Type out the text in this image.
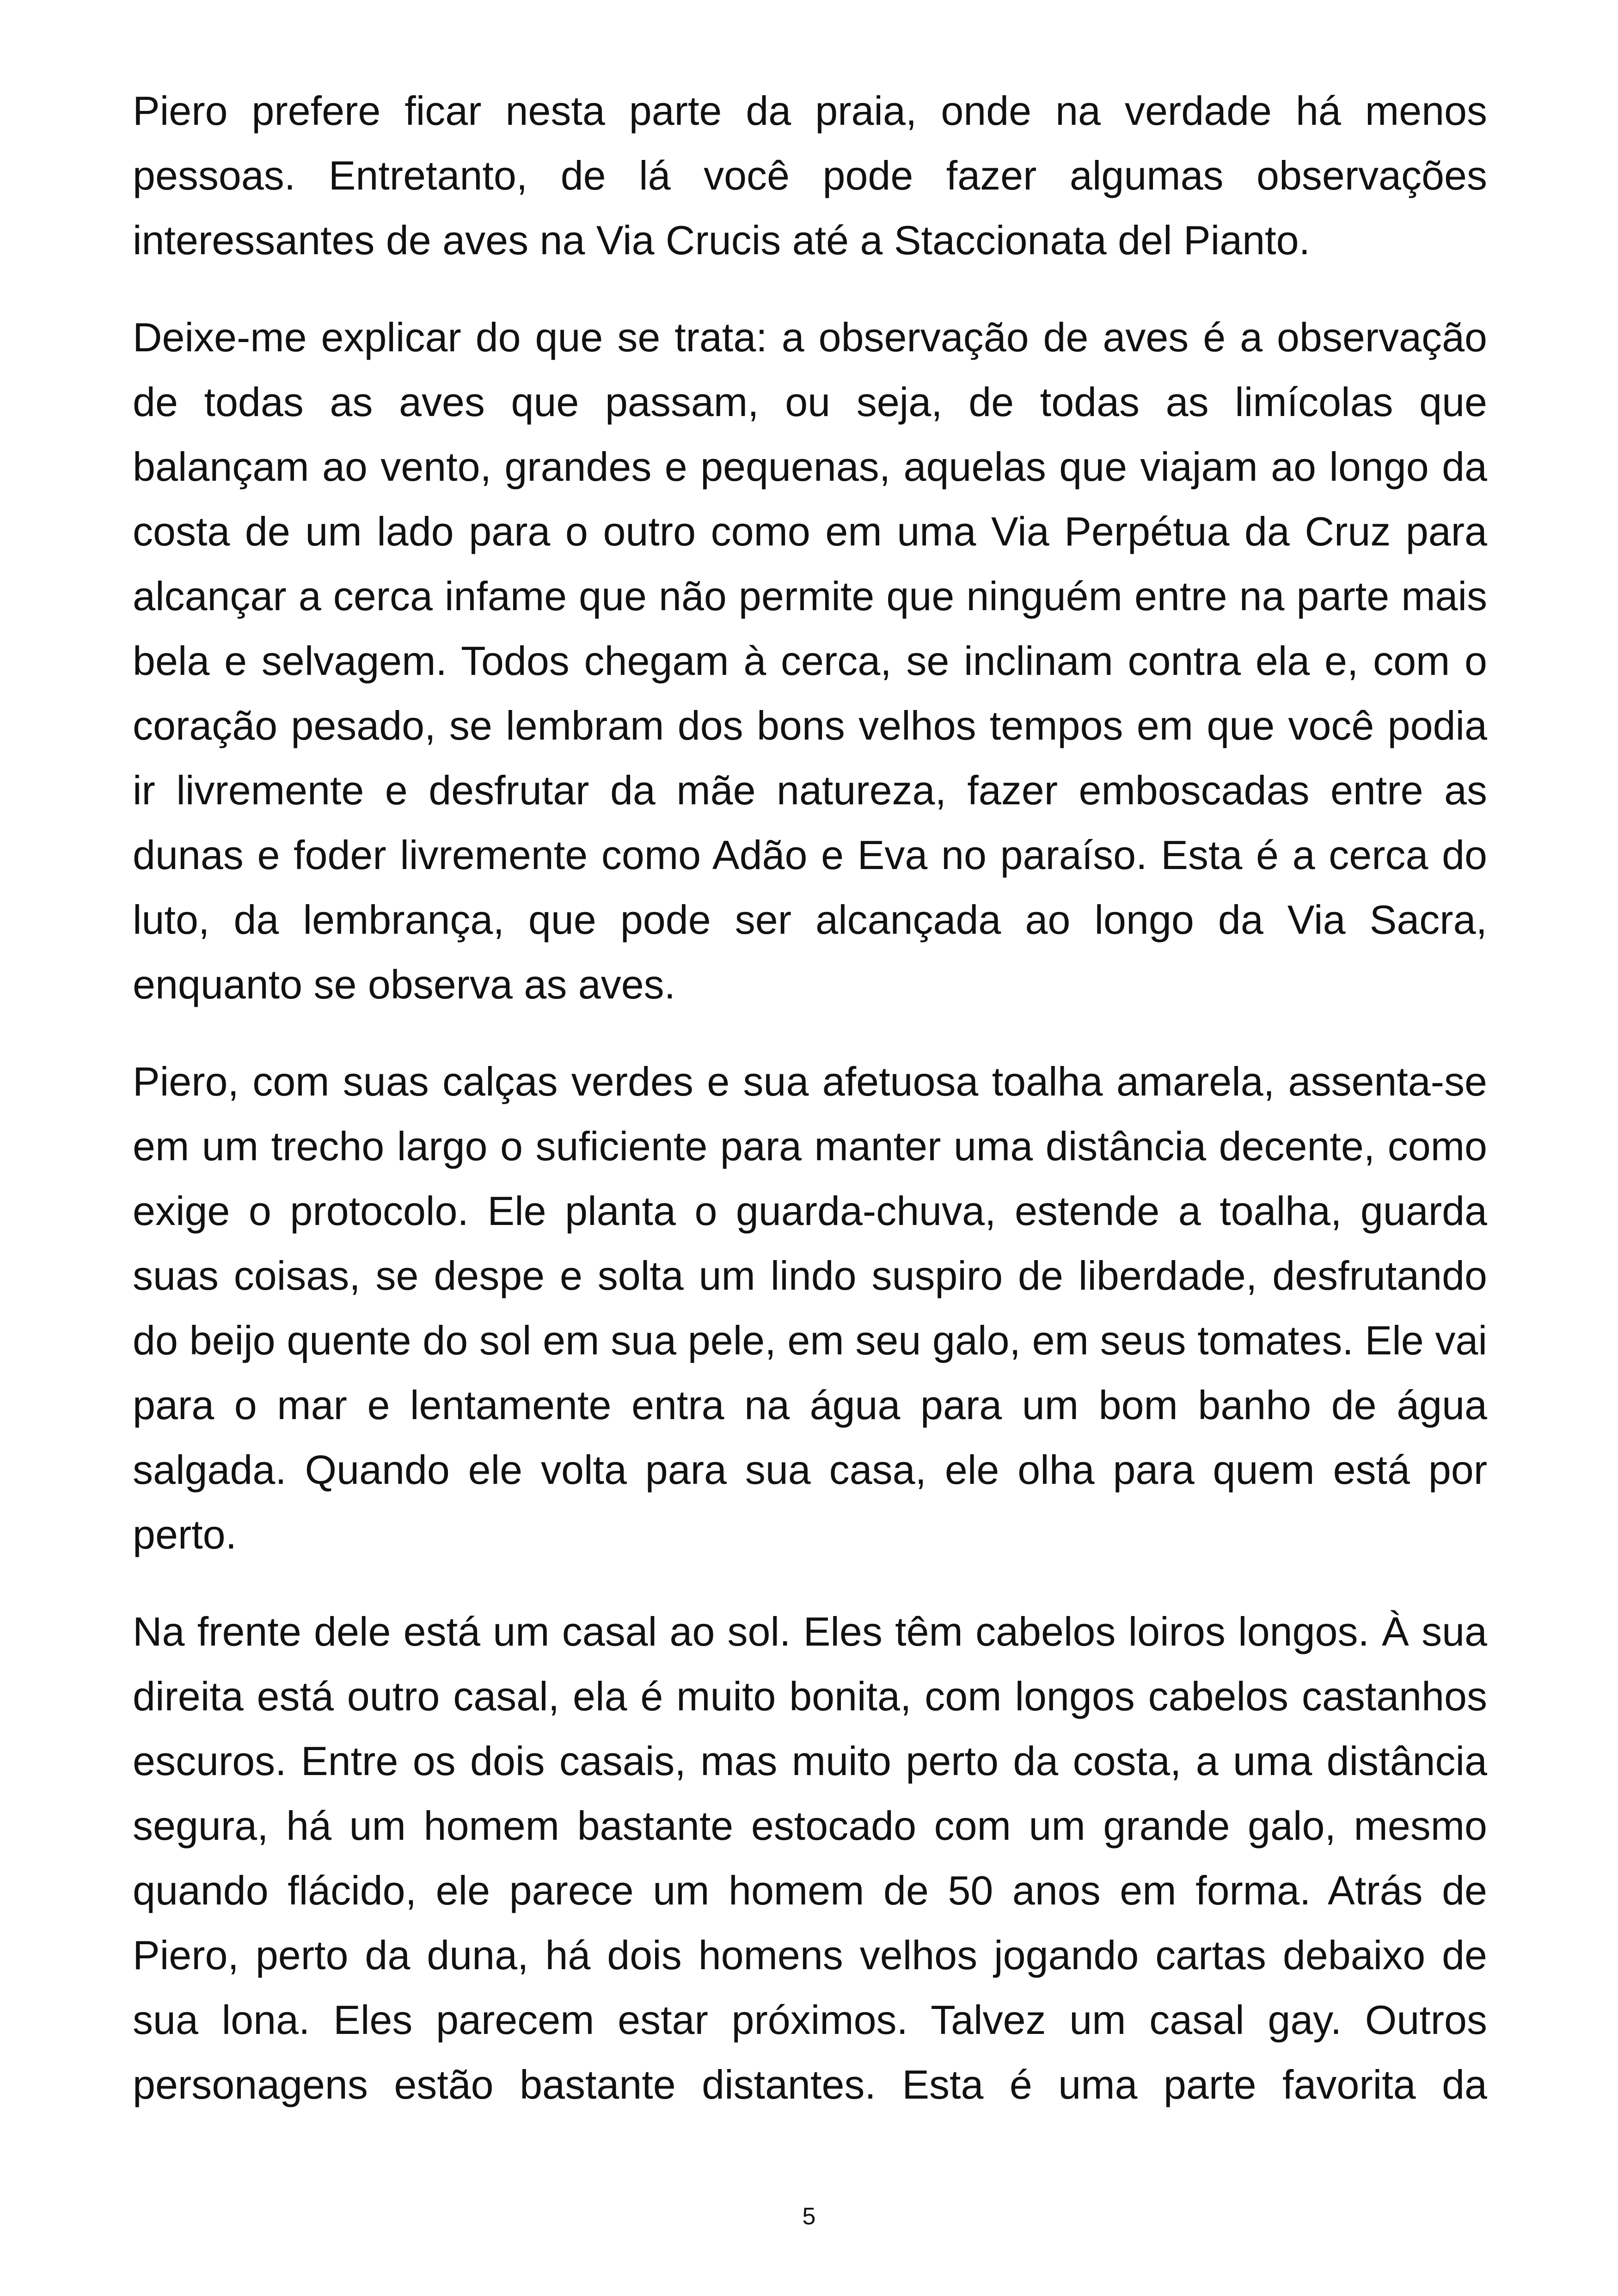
Piero prefere ficar nesta parte da praia, onde na verdade há menos pessoas. Entretanto, de lá você pode fazer algumas observações interessantes de aves na Via Crucis até a Staccionata del Pianto.

Deixe-me explicar do que se trata: a observação de aves é a observação de todas as aves que passam, ou seja, de todas as limícolas que balançam ao vento, grandes e pequenas, aquelas que viajam ao longo da costa de um lado para o outro como em uma Via Perpétua da Cruz para alcançar a cerca infame que não permite que ninguém entre na parte mais bela e selvagem. Todos chegam à cerca, se inclinam contra ela e, com o coração pesado, se lembram dos bons velhos tempos em que você podia ir livremente e desfrutar da mãe natureza, fazer emboscadas entre as dunas e foder livremente como Adão e Eva no paraíso. Esta é a cerca do luto, da lembrança, que pode ser alcançada ao longo da Via Sacra, enquanto se observa as aves.

Piero, com suas calças verdes e sua afetuosa toalha amarela, assenta-se em um trecho largo o suficiente para manter uma distância decente, como exige o protocolo. Ele planta o guarda-chuva, estende a toalha, guarda suas coisas, se despe e solta um lindo suspiro de liberdade, desfrutando do beijo quente do sol em sua pele, em seu galo, em seus tomates. Ele vai para o mar e lentamente entra na água para um bom banho de água salgada. Quando ele volta para sua casa, ele olha para quem está por perto.

Na frente dele está um casal ao sol. Eles têm cabelos loiros longos. À sua direita está outro casal, ela é muito bonita, com longos cabelos castanhos escuros. Entre os dois casais, mas muito perto da costa, a uma distância segura, há um homem bastante estocado com um grande galo, mesmo quando flácido, ele parece um homem de 50 anos em forma. Atrás de Piero, perto da duna, há dois homens velhos jogando cartas debaixo de sua lona. Eles parecem estar próximos. Talvez um casal gay. Outros personagens estão bastante distantes. Esta é uma parte favorita da

5
